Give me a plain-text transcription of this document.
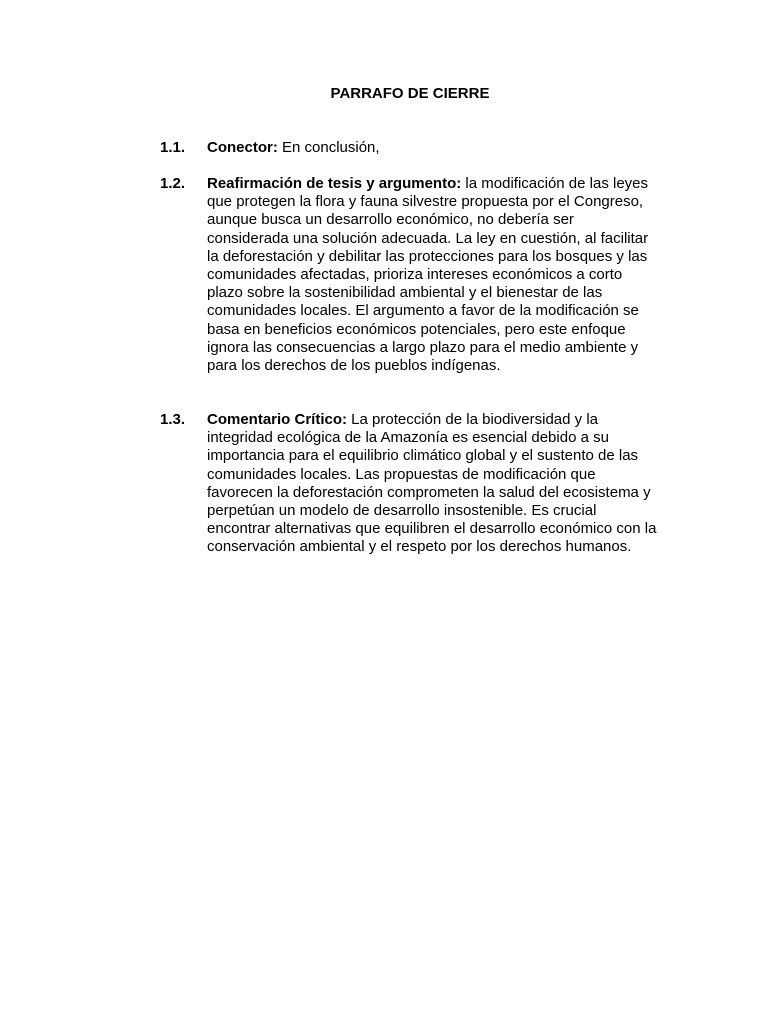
PARRAFO DE CIERRE
1.1.	Conector: En conclusión,
1.2.	Reafirmación de tesis y argumento: la modificación de las leyes que protegen la flora y fauna silvestre propuesta por el Congreso, aunque busca un desarrollo económico, no debería ser considerada una solución adecuada. La ley en cuestión, al facilitar la deforestación y debilitar las protecciones para los bosques y las comunidades afectadas, prioriza intereses económicos a corto plazo sobre la sostenibilidad ambiental y el bienestar de las comunidades locales. El argumento a favor de la modificación se basa en beneficios económicos potenciales, pero este enfoque ignora las consecuencias a largo plazo para el medio ambiente y para los derechos de los pueblos indígenas.
1.3.	Comentario Crítico: La protección de la biodiversidad y la integridad ecológica de la Amazonía es esencial debido a su importancia para el equilibrio climático global y el sustento de las comunidades locales. Las propuestas de modificación que favorecen la deforestación comprometen la salud del ecosistema y perpetúan un modelo de desarrollo insostenible. Es crucial encontrar alternativas que equilibren el desarrollo económico con la conservación ambiental y el respeto por los derechos humanos.
